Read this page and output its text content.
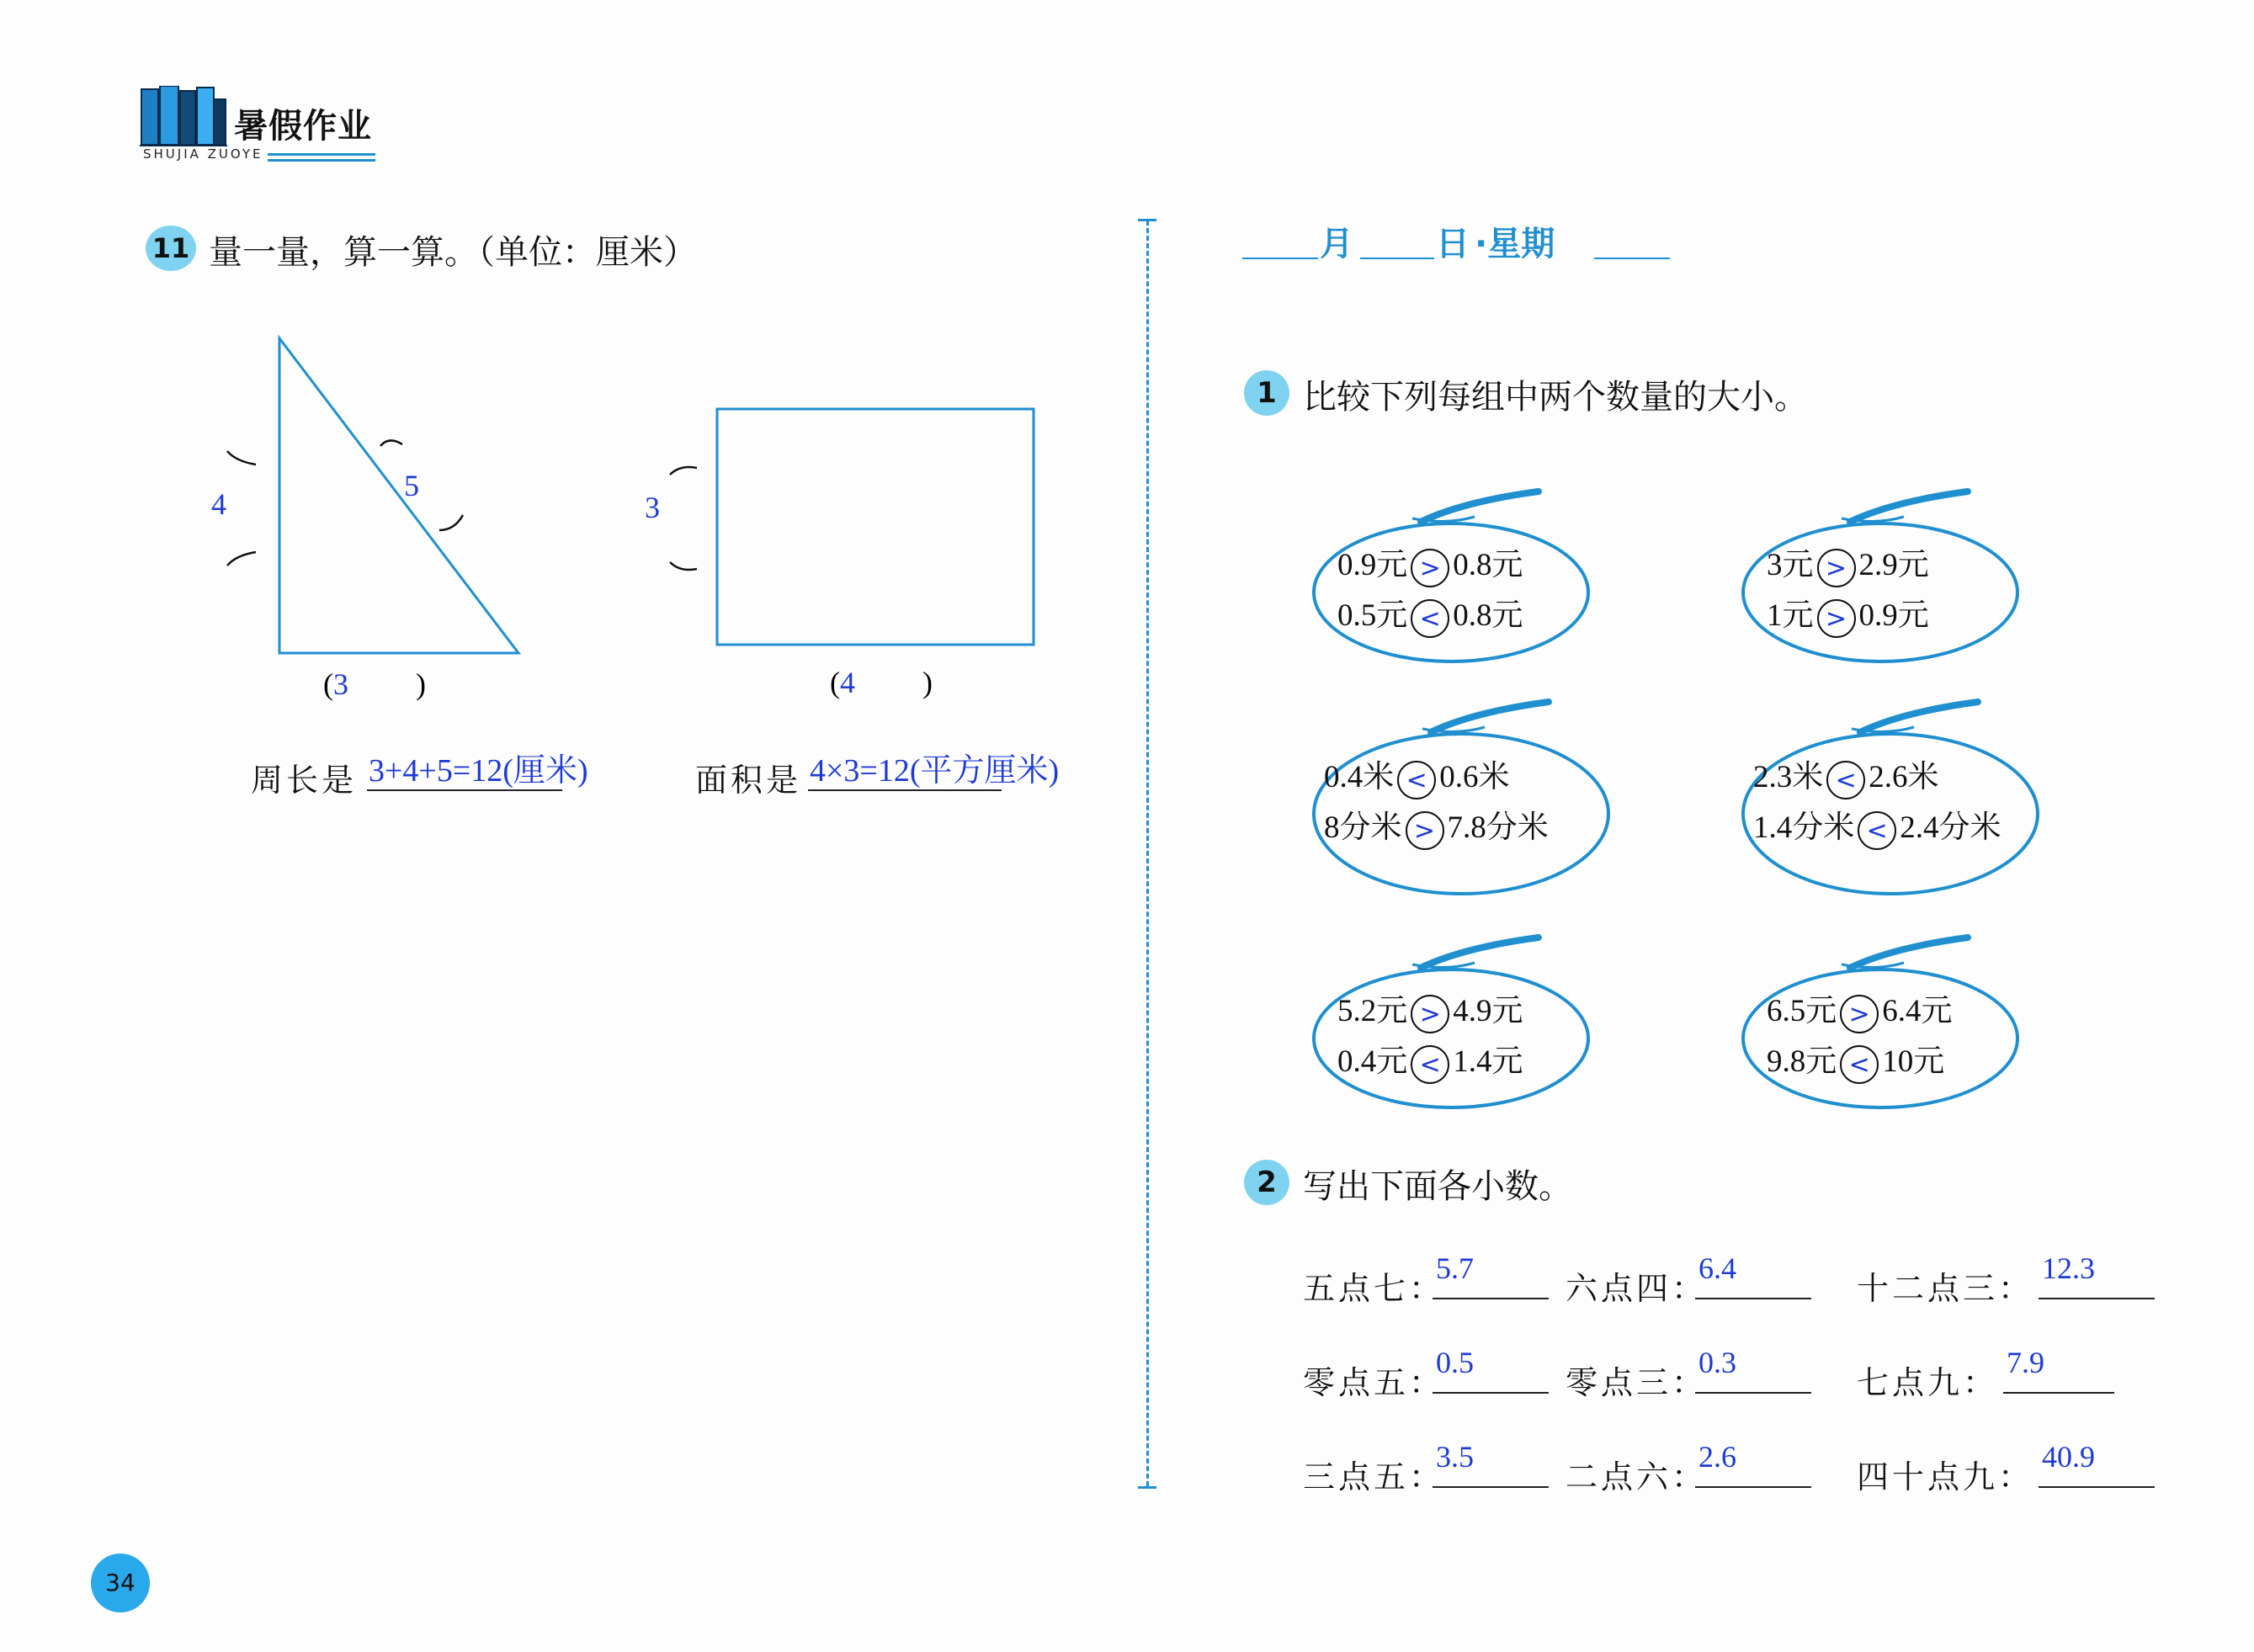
暑假作业
SHUJIA ZUOYE
11 量一量，算一算。（单位：厘米）
4
5
(3 )
3
(4 )
周长是 3+4+5=12(厘米)	面积是 4×3=12(平方厘米)
34
月 日 ·星期
1 比较下列每组中两个数量的大小。
0.9元 > 0.8元
0.5元 < 0.8元
3元 > 2.9元
1元 > 0.9元
0.4米 < 0.6米
8分米 > 7.8分米
2.3米 < 2.6米
1.4分米 < 2.4分米
5.2元 > 4.9元
0.4元 < 1.4元
6.5元 > 6.4元
9.8元 < 10元
2 写出下面各小数。
五点七：
5.7
六点四：
6.4
十二点三：
12.3
零点五：
0.5
零点三：
0.3
七点九：
7.9
三点五：
3.5
二点六：
2.6
四十点九：
40.9
